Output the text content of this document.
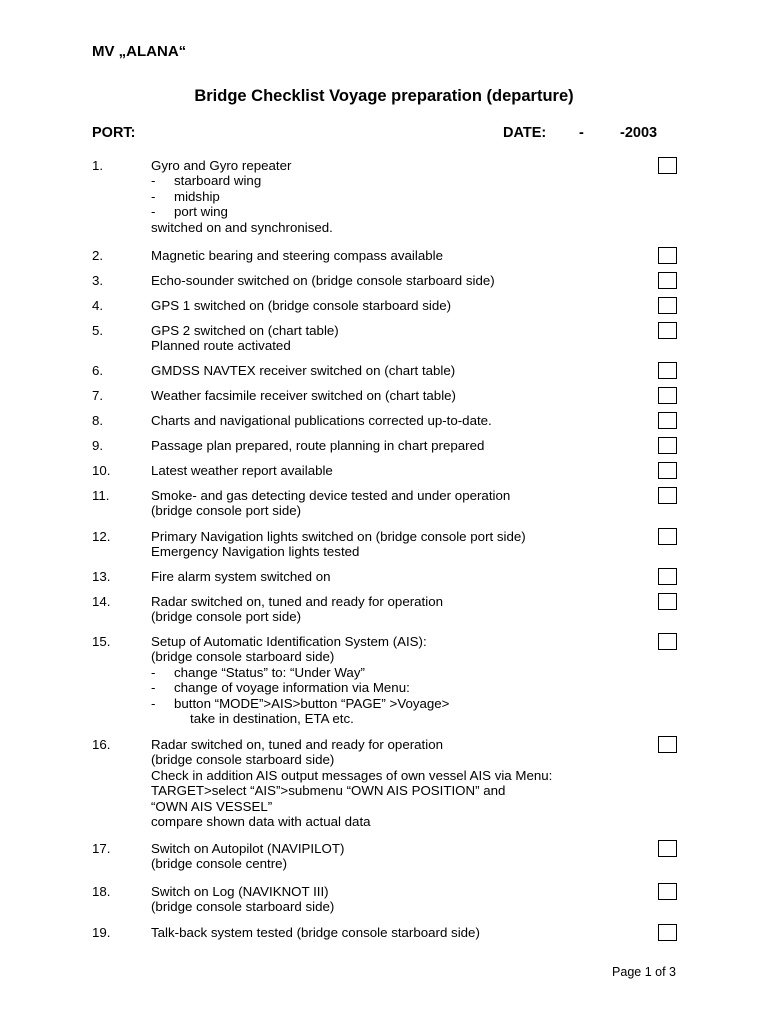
MV „ALANA“
Bridge Checklist Voyage preparation (departure)
PORT:	DATE: - -2003
1.	Gyro and Gyro repeater
- starboard wing
- midship
- port wing
switched on and synchronised.
2.	Magnetic bearing and steering compass available
3.	Echo-sounder switched on (bridge console starboard side)
4.	GPS 1 switched on (bridge console starboard side)
5.	GPS 2 switched on (chart table)
Planned route activated
6.	GMDSS NAVTEX receiver switched on (chart table)
7.	Weather facsimile receiver switched on (chart table)
8.	Charts and navigational publications corrected up-to-date.
9.	Passage plan prepared, route planning in chart prepared
10.	Latest weather report available
11.	Smoke- and gas detecting device tested and under operation
(bridge console port side)
12.	Primary Navigation lights switched on (bridge console port side)
Emergency Navigation lights tested
13.	Fire alarm system switched on
14.	Radar switched on, tuned and ready for operation
(bridge console port side)
15.	Setup of Automatic Identification System (AIS):
(bridge console starboard side)
- change “Status” to: “Under Way”
- change of voyage information via Menu:
- button “MODE”>AIS>button “PAGE” >Voyage>
take in destination, ETA etc.
16.	Radar switched on, tuned and ready for operation
(bridge console starboard side)
Check in addition AIS output messages of own vessel AIS via Menu:
TARGET>select “AIS”>submenu “OWN AIS POSITION” and
“OWN AIS VESSEL”
compare shown data with actual data
17.	Switch on Autopilot (NAVIPILOT)
(bridge console centre)
18.	Switch on Log (NAVIKNOT III)
(bridge console starboard side)
19.	Talk-back system tested (bridge console starboard side)
Page 1 of 3
